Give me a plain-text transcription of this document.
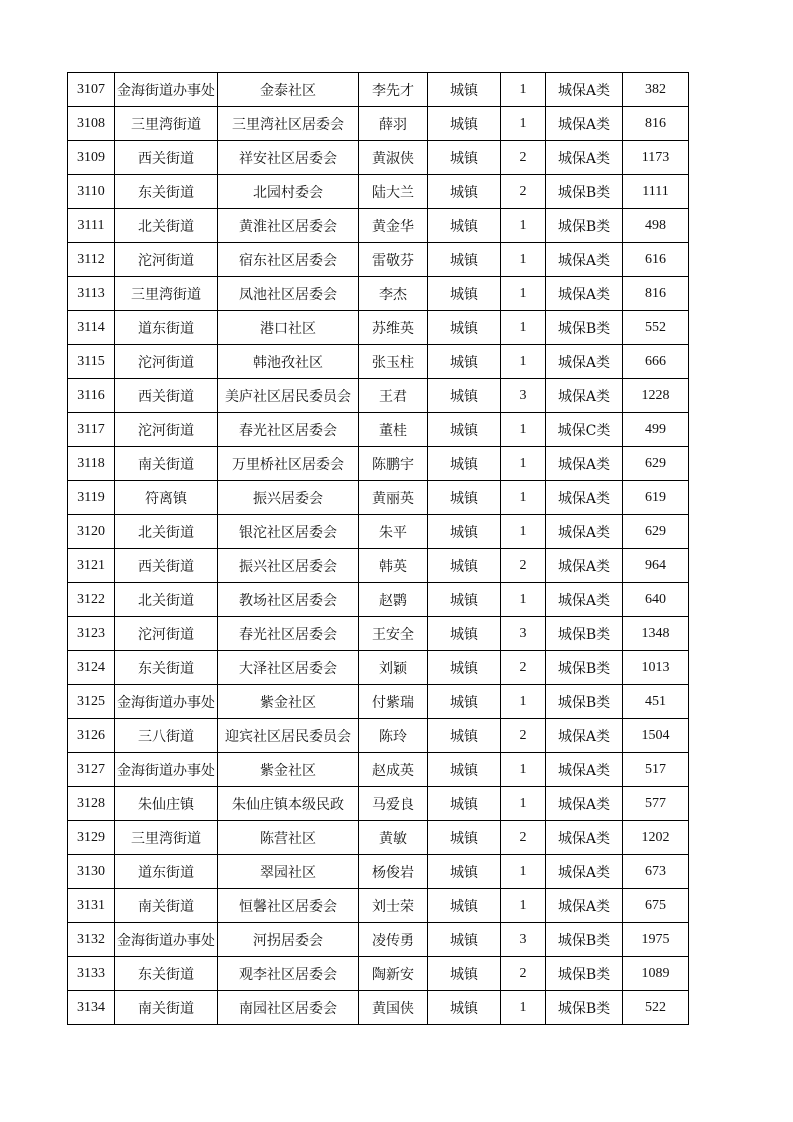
3107	金海街道办事处	金泰社区	李先才	城镇	1	城保A类	382
3108	三里湾街道	三里湾社区居委会	薛羽	城镇	1	城保A类	816
3109	西关街道	祥安社区居委会	黄淑侠	城镇	2	城保A类	1173
3110	东关街道	北园村委会	陆大兰	城镇	2	城保B类	1111
3111	北关街道	黄淮社区居委会	黄金华	城镇	1	城保B类	498
3112	沱河街道	宿东社区居委会	雷敬芬	城镇	1	城保A类	616
3113	三里湾街道	凤池社区居委会	李杰	城镇	1	城保A类	816
3114	道东街道	港口社区	苏维英	城镇	1	城保B类	552
3115	沱河街道	韩池孜社区	张玉柱	城镇	1	城保A类	666
3116	西关街道	美庐社区居民委员会	王君	城镇	3	城保A类	1228
3117	沱河街道	春光社区居委会	董桂	城镇	1	城保C类	499
3118	南关街道	万里桥社区居委会	陈鹏宇	城镇	1	城保A类	629
3119	符离镇	振兴居委会	黄丽英	城镇	1	城保A类	619
3120	北关街道	银沱社区居委会	朱平	城镇	1	城保A类	629
3121	西关街道	振兴社区居委会	韩英	城镇	2	城保A类	964
3122	北关街道	教场社区居委会	赵鹮	城镇	1	城保A类	640
3123	沱河街道	春光社区居委会	王安全	城镇	3	城保B类	1348
3124	东关街道	大泽社区居委会	刘颖	城镇	2	城保B类	1013
3125	金海街道办事处	紫金社区	付紫瑞	城镇	1	城保B类	451
3126	三八街道	迎宾社区居民委员会	陈玲	城镇	2	城保A类	1504
3127	金海街道办事处	紫金社区	赵成英	城镇	1	城保A类	517
3128	朱仙庄镇	朱仙庄镇本级民政	马爱良	城镇	1	城保A类	577
3129	三里湾街道	陈营社区	黄敏	城镇	2	城保A类	1202
3130	道东街道	翠园社区	杨俊岩	城镇	1	城保A类	673
3131	南关街道	恒馨社区居委会	刘士荣	城镇	1	城保A类	675
3132	金海街道办事处	河拐居委会	凌传勇	城镇	3	城保B类	1975
3133	东关街道	观李社区居委会	陶新安	城镇	2	城保B类	1089
3134	南关街道	南园社区居委会	黄国侠	城镇	1	城保B类	522
